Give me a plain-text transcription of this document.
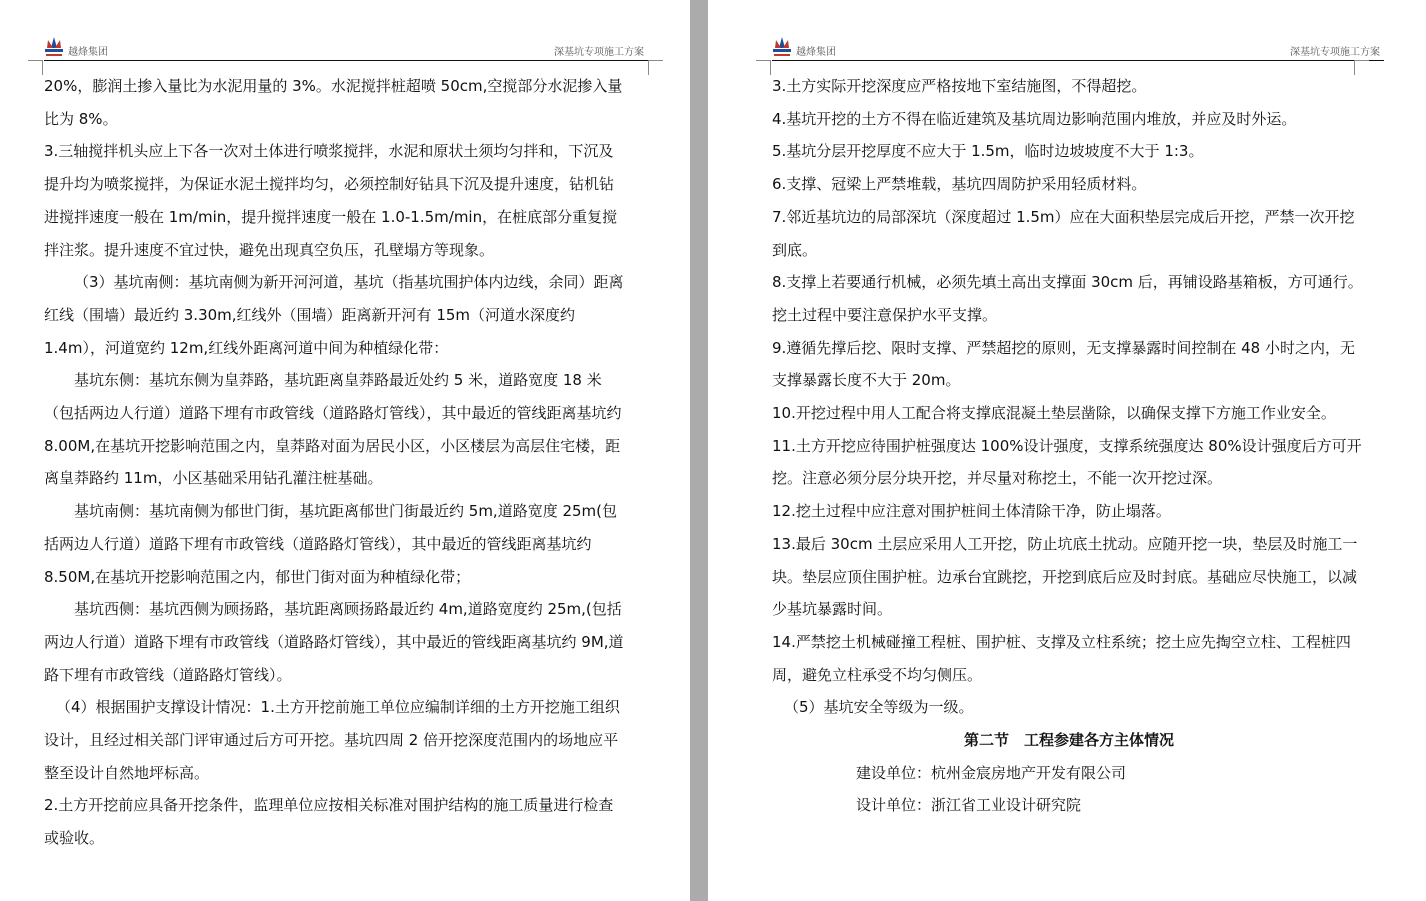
越烽集团	深基坑专项施工方案

20%，膨润土掺入量比为水泥用量的 3%。水泥搅拌桩超喷 50cm,空搅部分水泥掺入量比为 8%。

3.三轴搅拌机头应上下各一次对土体进行喷浆搅拌，水泥和原状土须均匀拌和，下沉及提升均为喷浆搅拌，为保证水泥土搅拌均匀，必须控制好钻具下沉及提升速度，钻机钻进搅拌速度一般在 1m/min，提升搅拌速度一般在 1.0-1.5m/min，在桩底部分重复搅拌注浆。提升速度不宜过快，避免出现真空负压，孔壁塌方等现象。

（3）基坑南侧：基坑南侧为新开河河道，基坑（指基坑围护体内边线，余同）距离红线（围墙）最近约 3.30m,红线外（围墙）距离新开河有 15m（河道水深度约 1.4m），河道宽约 12m,红线外距离河道中间为种植绿化带：

基坑东侧：基坑东侧为皇莽路，基坑距离皇莽路最近处约 5 米，道路宽度 18 米（包括两边人行道）道路下埋有市政管线（道路路灯管线），其中最近的管线距离基坑约 8.00M,在基坑开挖影响范围之内，皇莽路对面为居民小区，小区楼层为高层住宅楼，距离皇莽路约 11m，小区基础采用钻孔灌注桩基础。

基坑南侧：基坑南侧为郁世门街，基坑距离郁世门街最近约 5m,道路宽度 25m(包括两边人行道）道路下埋有市政管线（道路路灯管线），其中最近的管线距离基坑约 8.50M,在基坑开挖影响范围之内，郁世门街对面为种植绿化带；

基坑西侧：基坑西侧为顾扬路，基坑距离顾扬路最近约 4m,道路宽度约 25m,(包括两边人行道）道路下埋有市政管线（道路路灯管线），其中最近的管线距离基坑约 9M,道路下埋有市政管线（道路路灯管线）。

（4）根据围护支撑设计情况：1.土方开挖前施工单位应编制详细的土方开挖施工组织设计，且经过相关部门评审通过后方可开挖。基坑四周 2 倍开挖深度范围内的场地应平整至设计自然地坪标高。

2.土方开挖前应具备开挖条件，监理单位应按相关标准对围护结构的施工质量进行检查或验收。

越烽集团	深基坑专项施工方案

3.土方实际开挖深度应严格按地下室结施图，不得超挖。

4.基坑开挖的土方不得在临近建筑及基坑周边影响范围内堆放，并应及时外运。

5.基坑分层开挖厚度不应大于 1.5m，临时边坡坡度不大于 1:3。

6.支撑、冠梁上严禁堆载，基坑四周防护采用轻质材料。

7.邻近基坑边的局部深坑（深度超过 1.5m）应在大面积垫层完成后开挖，严禁一次开挖到底。

8.支撑上若要通行机械，必须先填土高出支撑面 30cm 后，再铺设路基箱板，方可通行。挖土过程中要注意保护水平支撑。

9.遵循先撑后挖、限时支撑、严禁超挖的原则，无支撑暴露时间控制在 48 小时之内，无支撑暴露长度不大于 20m。

10.开挖过程中用人工配合将支撑底混凝土垫层凿除，以确保支撑下方施工作业安全。

11.土方开挖应待围护桩强度达 100%设计强度，支撑系统强度达 80%设计强度后方可开挖。注意必须分层分块开挖，并尽量对称挖土，不能一次开挖过深。

12.挖土过程中应注意对围护桩间土体清除干净，防止塌落。

13.最后 30cm 土层应采用人工开挖，防止坑底土扰动。应随开挖一块，垫层及时施工一块。垫层应顶住围护桩。边承台宜跳挖，开挖到底后应及时封底。基础应尽快施工，以减少基坑暴露时间。

14.严禁挖土机械碰撞工程桩、围护桩、支撑及立柱系统；挖土应先掏空立柱、工程桩四周，避免立柱承受不均匀侧压。

（5）基坑安全等级为一级。

第二节　工程参建各方主体情况

建设单位：杭州金宸房地产开发有限公司

设计单位：浙江省工业设计研究院
